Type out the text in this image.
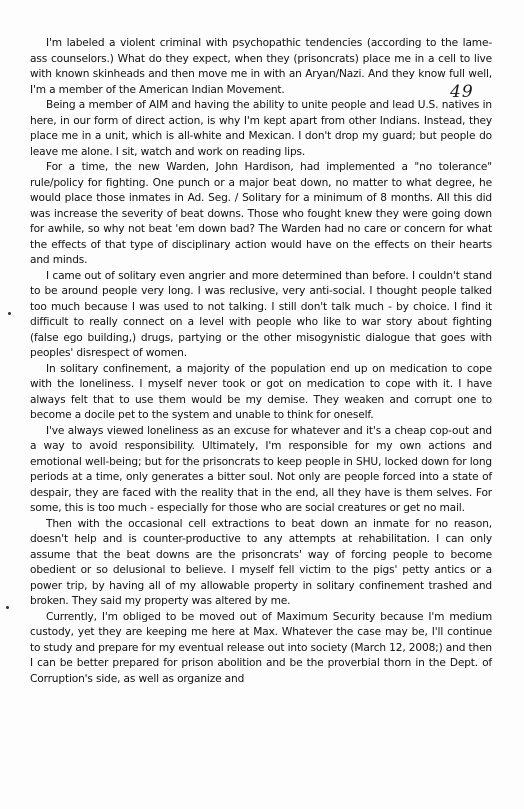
49

I'm labeled a violent criminal with psychopathic tendencies (according to the lame-ass counselors.) What do they expect, when they (prisoncrats) place me in a cell to live with known skinheads and then move me in with an Aryan/Nazi. And they know full well, I'm a member of the American Indian Movement.

Being a member of AIM and having the ability to unite people and lead U.S. natives in here, in our form of direct action, is why I'm kept apart from other Indians. Instead, they place me in a unit, which is all-white and Mexican. I don't drop my guard; but people do leave me alone. I sit, watch and work on reading lips.

For a time, the new Warden, John Hardison, had implemented a "no tolerance" rule/policy for fighting. One punch or a major beat down, no matter to what degree, he would place those inmates in Ad. Seg. / Solitary for a minimum of 8 months. All this did was increase the severity of beat downs. Those who fought knew they were going down for awhile, so why not beat 'em down bad? The Warden had no care or concern for what the effects of that type of disciplinary action would have on the effects on their hearts and minds.

I came out of solitary even angrier and more determined than before. I couldn't stand to be around people very long. I was reclusive, very anti-social. I thought people talked too much because I was used to not talking. I still don't talk much - by choice. I find it difficult to really connect on a level with people who like to war story about fighting (false ego building,) drugs, partying or the other misogynistic dialogue that goes with peoples' disrespect of women.

In solitary confinement, a majority of the population end up on medication to cope with the loneliness. I myself never took or got on medication to cope with it. I have always felt that to use them would be my demise. They weaken and corrupt one to become a docile pet to the system and unable to think for oneself.

I've always viewed loneliness as an excuse for whatever and it's a cheap cop-out and a way to avoid responsibility. Ultimately, I'm responsible for my own actions and emotional well-being; but for the prisoncrats to keep people in SHU, locked down for long periods at a time, only generates a bitter soul. Not only are people forced into a state of despair, they are faced with the reality that in the end, all they have is them selves. For some, this is too much - especially for those who are social creatures or get no mail.

Then with the occasional cell extractions to beat down an inmate for no reason, doesn't help and is counter-productive to any attempts at rehabilitation. I can only assume that the beat downs are the prisoncrats' way of forcing people to become obedient or so delusional to believe. I myself fell victim to the pigs' petty antics or a power trip, by having all of my allowable property in solitary confinement trashed and broken. They said my property was altered by me.

Currently, I'm obliged to be moved out of Maximum Security because I'm medium custody, yet they are keeping me here at Max. Whatever the case may be, I'll continue to study and prepare for my eventual release out into society (March 12, 2008;) and then I can be better prepared for prison abolition and be the proverbial thorn in the Dept. of Corruption's side, as well as organize and
